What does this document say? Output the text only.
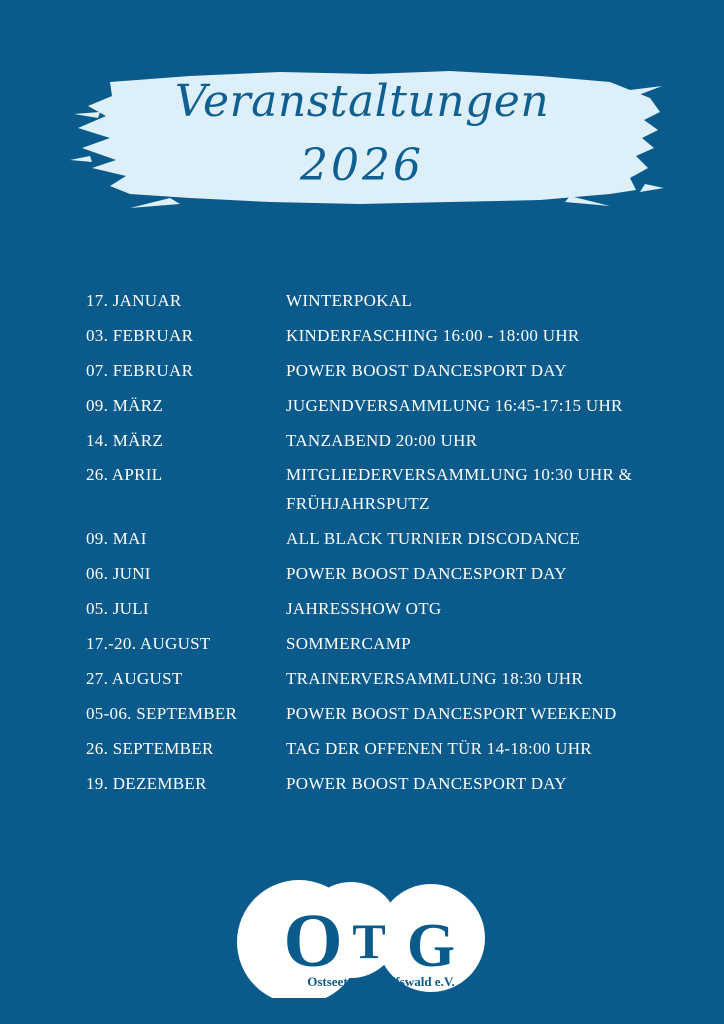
Veranstaltungen
2026
17. JANUAR	WINTERPOKAL
03. FEBRUAR	KINDERFASCHING 16:00 - 18:00 UHR
07. FEBRUAR	POWER BOOST DANCESPORT DAY
09. MÄRZ	JUGENDVERSAMMLUNG 16:45-17:15 UHR
14. MÄRZ	TANZABEND 20:00 UHR
26. APRIL	MITGLIEDERVERSAMMLUNG 10:30 UHR & FRÜHJAHRSPUTZ
09. MAI	ALL BLACK TURNIER DISCODANCE
06. JUNI	POWER BOOST DANCESPORT DAY
05. JULI	JAHRESSHOW OTG
17.-20. AUGUST	SOMMERCAMP
27. AUGUST	TRAINERVERSAMMLUNG 18:30 UHR
05-06. SEPTEMBER	POWER BOOST DANCESPORT WEEKEND
26. SEPTEMBER	TAG DER OFFENEN TÜR 14-18:00 UHR
19. DEZEMBER	POWER BOOST DANCESPORT DAY
O T G
Ostseetanz Greifswald e.V.
